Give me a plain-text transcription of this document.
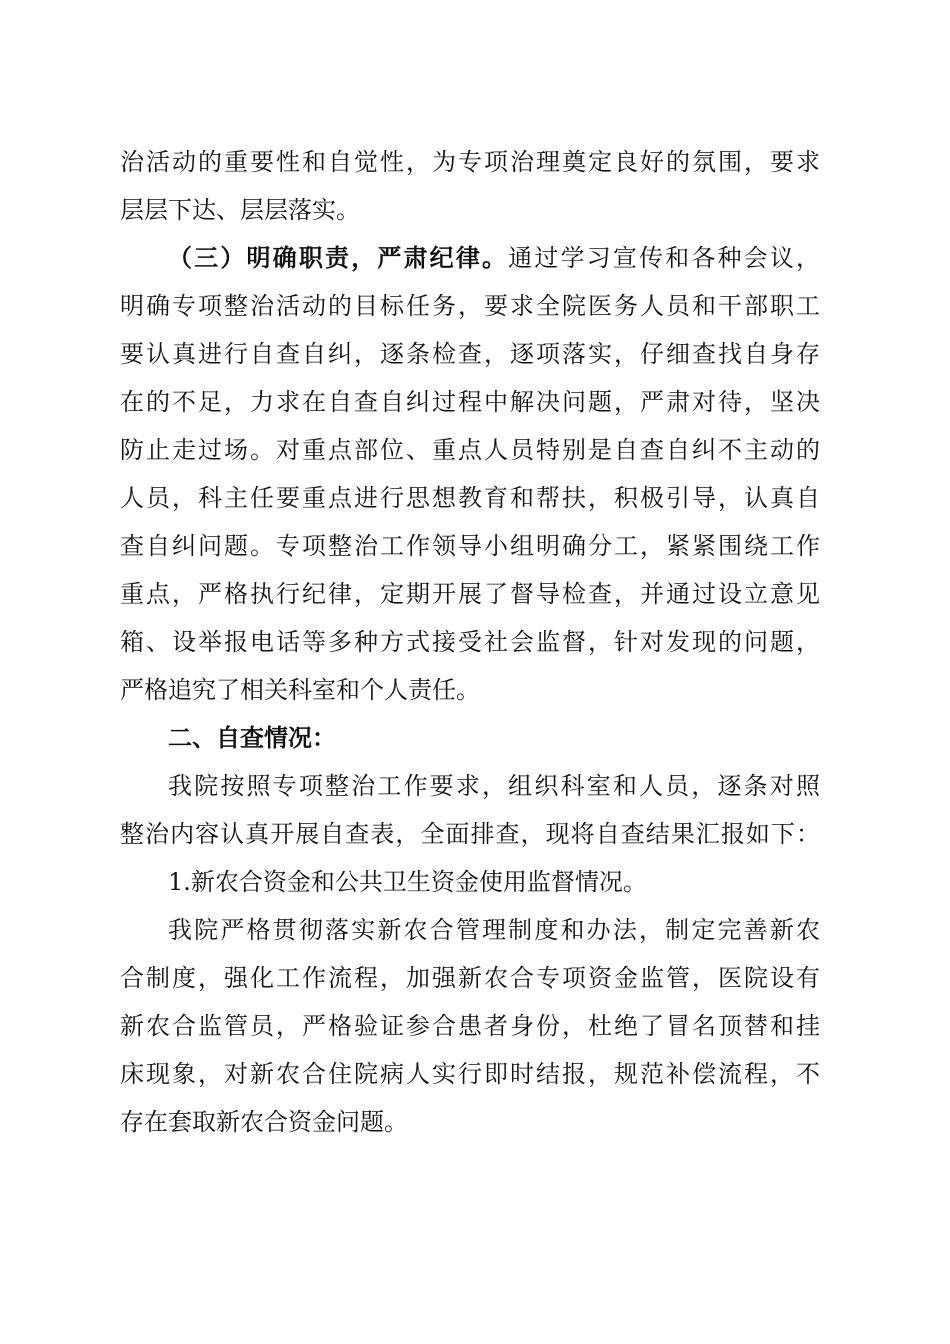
治活动的重要性和自觉性，为专项治理奠定良好的氛围，要求
层层下达、层层落实。
（三）明确职责，严肃纪律。通过学习宣传和各种会议，
明确专项整治活动的目标任务，要求全院医务人员和干部职工
要认真进行自查自纠，逐条检查，逐项落实，仔细查找自身存
在的不足，力求在自查自纠过程中解决问题，严肃对待，坚决
防止走过场。对重点部位、重点人员特别是自查自纠不主动的
人员，科主任要重点进行思想教育和帮扶，积极引导，认真自
查自纠问题。专项整治工作领导小组明确分工，紧紧围绕工作
重点，严格执行纪律，定期开展了督导检查，并通过设立意见
箱、设举报电话等多种方式接受社会监督，针对发现的问题，
严格追究了相关科室和个人责任。
二、自查情况：
我院按照专项整治工作要求，组织科室和人员，逐条对照
整治内容认真开展自查表，全面排查，现将自查结果汇报如下：
1.新农合资金和公共卫生资金使用监督情况。
我院严格贯彻落实新农合管理制度和办法，制定完善新农
合制度，强化工作流程，加强新农合专项资金监管，医院设有
新农合监管员，严格验证参合患者身份，杜绝了冒名顶替和挂
床现象，对新农合住院病人实行即时结报，规范补偿流程，不
存在套取新农合资金问题。
